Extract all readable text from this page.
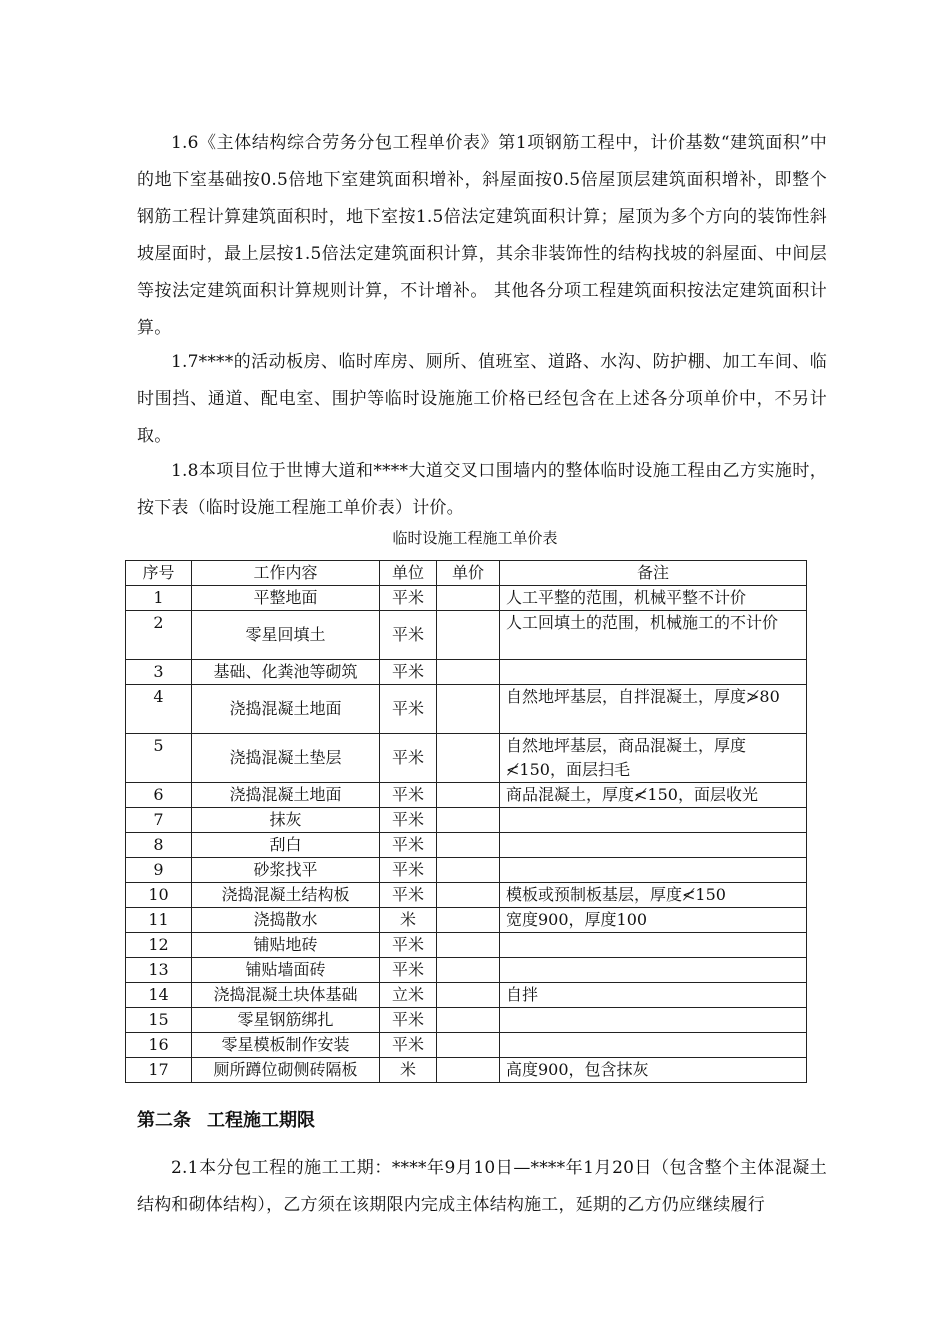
1.6《主体结构综合劳务分包工程单价表》第1项钢筋工程中，计价基数“建筑面积”中的地下室基础按0.5倍地下室建筑面积增补，斜屋面按0.5倍屋顶层建筑面积增补，即整个钢筋工程计算建筑面积时，地下室按1.5倍法定建筑面积计算；屋顶为多个方向的装饰性斜坡屋面时，最上层按1.5倍法定建筑面积计算，其余非装饰性的结构找坡的斜屋面、中间层等按法定建筑面积计算规则计算，不计增补。 其他各分项工程建筑面积按法定建筑面积计算。

1.7****的活动板房、临时库房、厕所、值班室、道路、水沟、防护棚、加工车间、临时围挡、通道、配电室、围护等临时设施施工价格已经包含在上述各分项单价中，不另计取。

1.8本项目位于世博大道和****大道交叉口围墙内的整体临时设施工程由乙方实施时，按下表（临时设施工程施工单价表）计价。

临时设施工程施工单价表
序号	工作内容	单位	单价	备注
1	平整地面	平米		人工平整的范围，机械平整不计价
2	零星回填土	平米		人工回填土的范围，机械施工的不计价
3	基础、化粪池等砌筑	平米		
4	浇捣混凝土地面	平米		自然地坪基层，自拌混凝土，厚度≯80
5	浇捣混凝土垫层	平米		自然地坪基层，商品混凝土，厚度≮150，面层扫毛
6	浇捣混凝土地面	平米		商品混凝土，厚度≮150，面层收光
7	抹灰	平米		
8	刮白	平米		
9	砂浆找平	平米		
10	浇捣混凝土结构板	平米		模板或预制板基层，厚度≮150
11	浇捣散水	米		宽度900，厚度100
12	铺贴地砖	平米		
13	铺贴墙面砖	平米		
14	浇捣混凝土块体基础	立米		自拌
15	零星钢筋绑扎	平米		
16	零星模板制作安装	平米		
17	厕所蹲位砌侧砖隔板	米		高度900，包含抹灰
第二条 工程施工期限

2.1本分包工程的施工工期：****年9月10日—****年1月20日（包含整个主体混凝土结构和砌体结构），乙方须在该期限内完成主体结构施工，延期的乙方仍应继续履行
